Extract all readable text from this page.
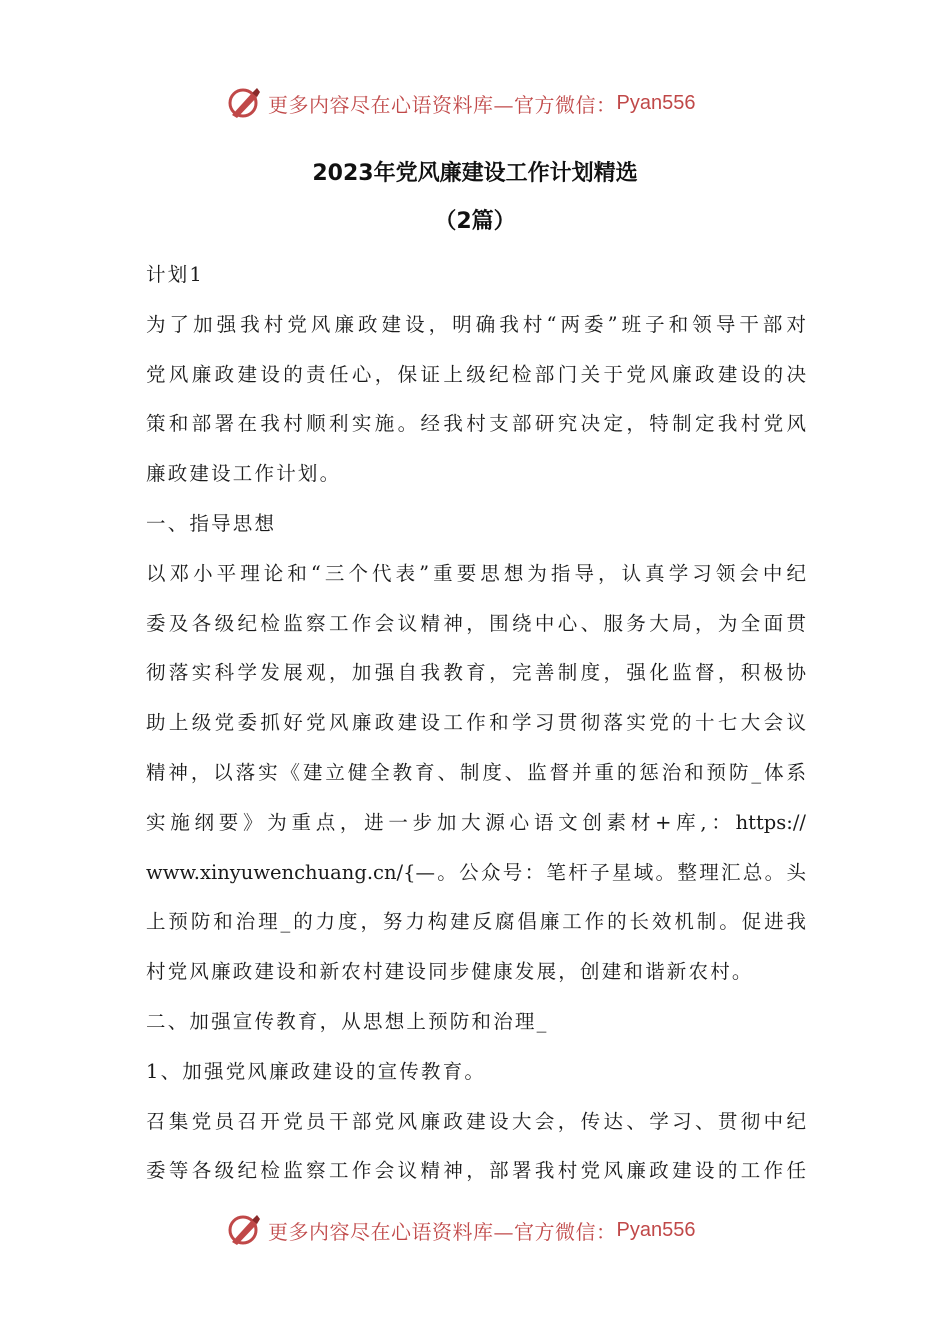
更多内容尽在心语资料库—官方微信： Pyan556
2023年党风廉建设工作计划精选
（2篇）
计划1
为了加强我村党风廉政建设，明确我村“两委”班子和领导干部对
党风廉政建设的责任心，保证上级纪检部门关于党风廉政建设的决
策和部署在我村顺利实施。经我村支部研究决定，特制定我村党风
廉政建设工作计划。
一、指导思想
以邓小平理论和“三个代表”重要思想为指导，认真学习领会中纪
委及各级纪检监察工作会议精神，围绕中心、服务大局，为全面贯
彻落实科学发展观，加强自我教育，完善制度，强化监督，积极协
助上级党委抓好党风廉政建设工作和学习贯彻落实党的十七大会议
精神，以落实《建立健全教育、制度、监督并重的惩治和预防_体系
实施纲要》为重点，进一步加大源心语文创素材+库,：https://
www.xinyuwenchuang.cn/{—。公众号：笔杆子星域。整理汇总。头
上预防和治理_的力度，努力构建反腐倡廉工作的长效机制。促进我
村党风廉政建设和新农村建设同步健康发展，创建和谐新农村。
二、加强宣传教育，从思想上预防和治理_
1、加强党风廉政建设的宣传教育。
召集党员召开党员干部党风廉政建设大会，传达、学习、贯彻中纪
委等各级纪检监察工作会议精神，部署我村党风廉政建设的工作任
更多内容尽在心语资料库—官方微信： Pyan556
